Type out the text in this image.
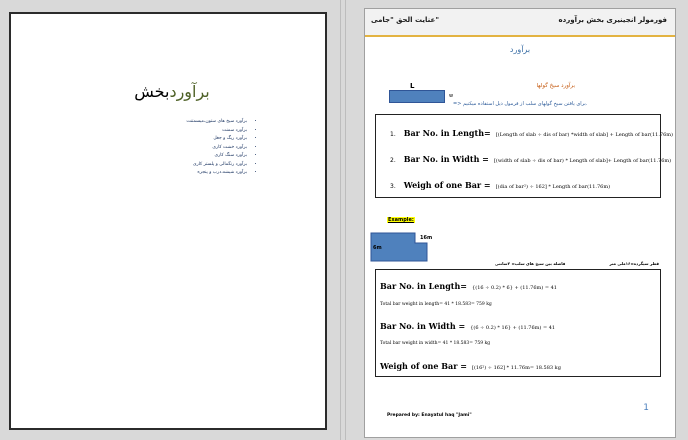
برآوردبخش
• برآورد سیخ های ستون،میسمتنت
• برآورد سمنت
• برآورد ریگ و جغل
• برآورد خشت کاری
• برآورد سنگ کاری
• برآورد رنگمالی و پلستر کاری
• برآورد شیشه،درب و پنجره
عنایت الحق "جامی"	فورمولر انجینیری بخش برآورده
برآورد
L
w
برآورد سیخ گولها
=> برای یافتن سیخ گولهای سلب از فرمول ذیل استفاده میکنیم.
1. Bar No. in Length= [(Length of slab ÷ dis of bar) *width of slab] + Length of bar(11.76m)
2. Bar No. in Width = [(width of slab ÷ dis of bar) * Length of slab]+ Length of bar(11.76m)
3. Weigh of one Bar = [(dia of bar²) ÷ 162] * Length of bar(11.76m)
Example:
16m
6m
فاصله بین سیخ های سلب= ۲سانتی	قطر سیگرده=۱۶ملی متر
Bar No. in Length= {(16 ÷ 0.2) * 6} + (11.76m) = 41
Total bar weight in length= 41 * 18.583= 759 kg
Bar No. in Width = {(6 ÷ 0.2) * 16} + (11.76m) = 41
Total bar weight in width= 41 * 18.583= 759 kg
Weigh of one Bar = [(16²) ÷ 162] * 11.76m= 18.583 kg
1
Prepared by: Enayatul haq "Jami"
